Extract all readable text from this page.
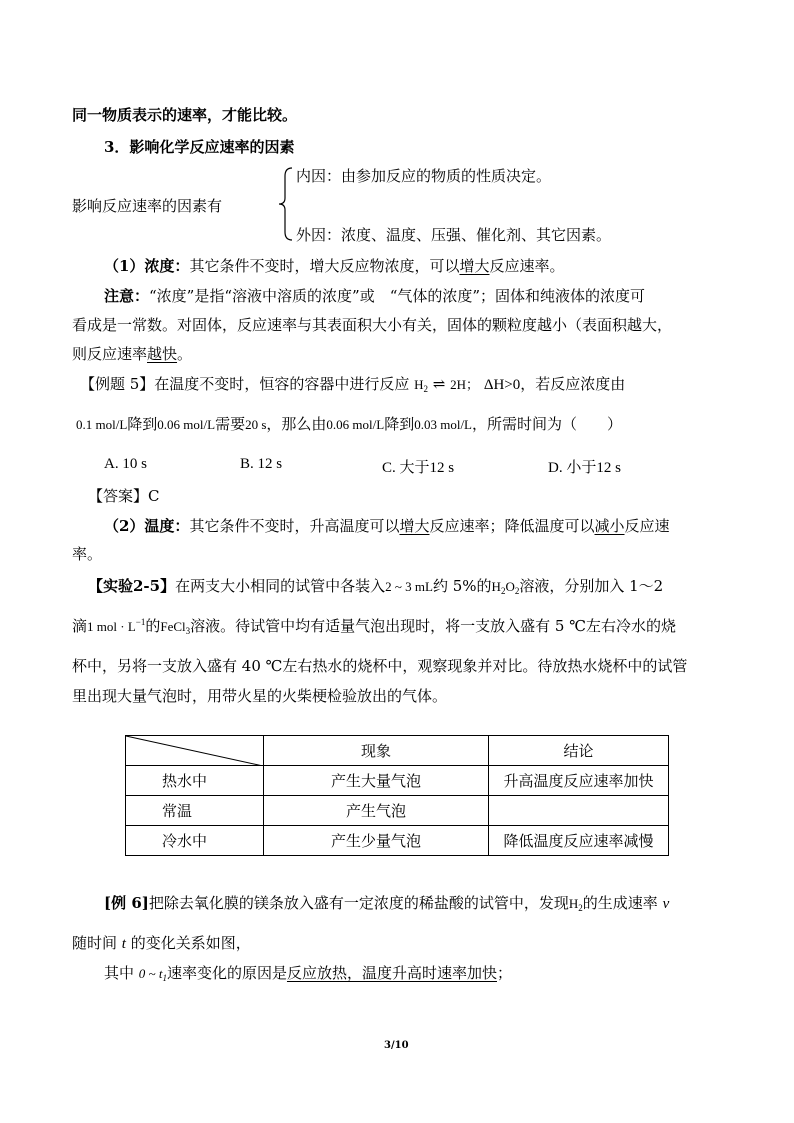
同一物质表示的速率，才能比较。
3．影响化学反应速率的因素
影响反应速率的因素有
内因：由参加反应的物质的性质决定。
外因：浓度、温度、压强、催化剂、其它因素。
（1）浓度：其它条件不变时，增大反应物浓度，可以增大反应速率。
注意：“浓度”是指“溶液中溶质的浓度”或　“气体的浓度”；固体和纯液体的浓度可
看成是一常数。对固体，反应速率与其表面积大小有关，固体的颗粒度越小（表面积越大，
则反应速率越快。
【例题 5】在温度不变时，恒容的容器中进行反应 $H_2$ ⇌ 2H； ΔH>0，若反应浓度由
0.1 mol/L降到0.06 mol/L需要20 s，那么由0.06 mol/L降到0.03 mol/L，所需时间为（　　）
A. 10 s	B. 12 s	C. 大于12 s	D. 小于12 s
【答案】C
（2）温度：其它条件不变时，升高温度可以增大反应速率；降低温度可以减小反应速
率。
【实验2-5】在两支大小相同的试管中各装入2 ~ 3 mL约 5%的$H_2O_2$溶液，分别加入 1～2
滴1 mol · $L^{-1}$的FeCl$_3$溶液。待试管中均有适量气泡出现时，将一支放入盛有 5 ℃左右冷水的烧
杯中，另将一支放入盛有 40 ℃左右热水的烧杯中，观察现象并对比。待放热水烧杯中的试管
里出现大量气泡时，用带火星的火柴梗检验放出的气体。
	现象	结论
热水中	产生大量气泡	升高温度反应速率加快
常温	产生气泡	
冷水中	产生少量气泡	降低温度反应速率减慢
[例 6]把除去氧化膜的镁条放入盛有一定浓度的稀盐酸的试管中，发现$H_2$的生成速率 v
随时间 t 的变化关系如图，
其中 0 ~ $t_1$速率变化的原因是反应放热，温度升高时速率加快；
3/10
